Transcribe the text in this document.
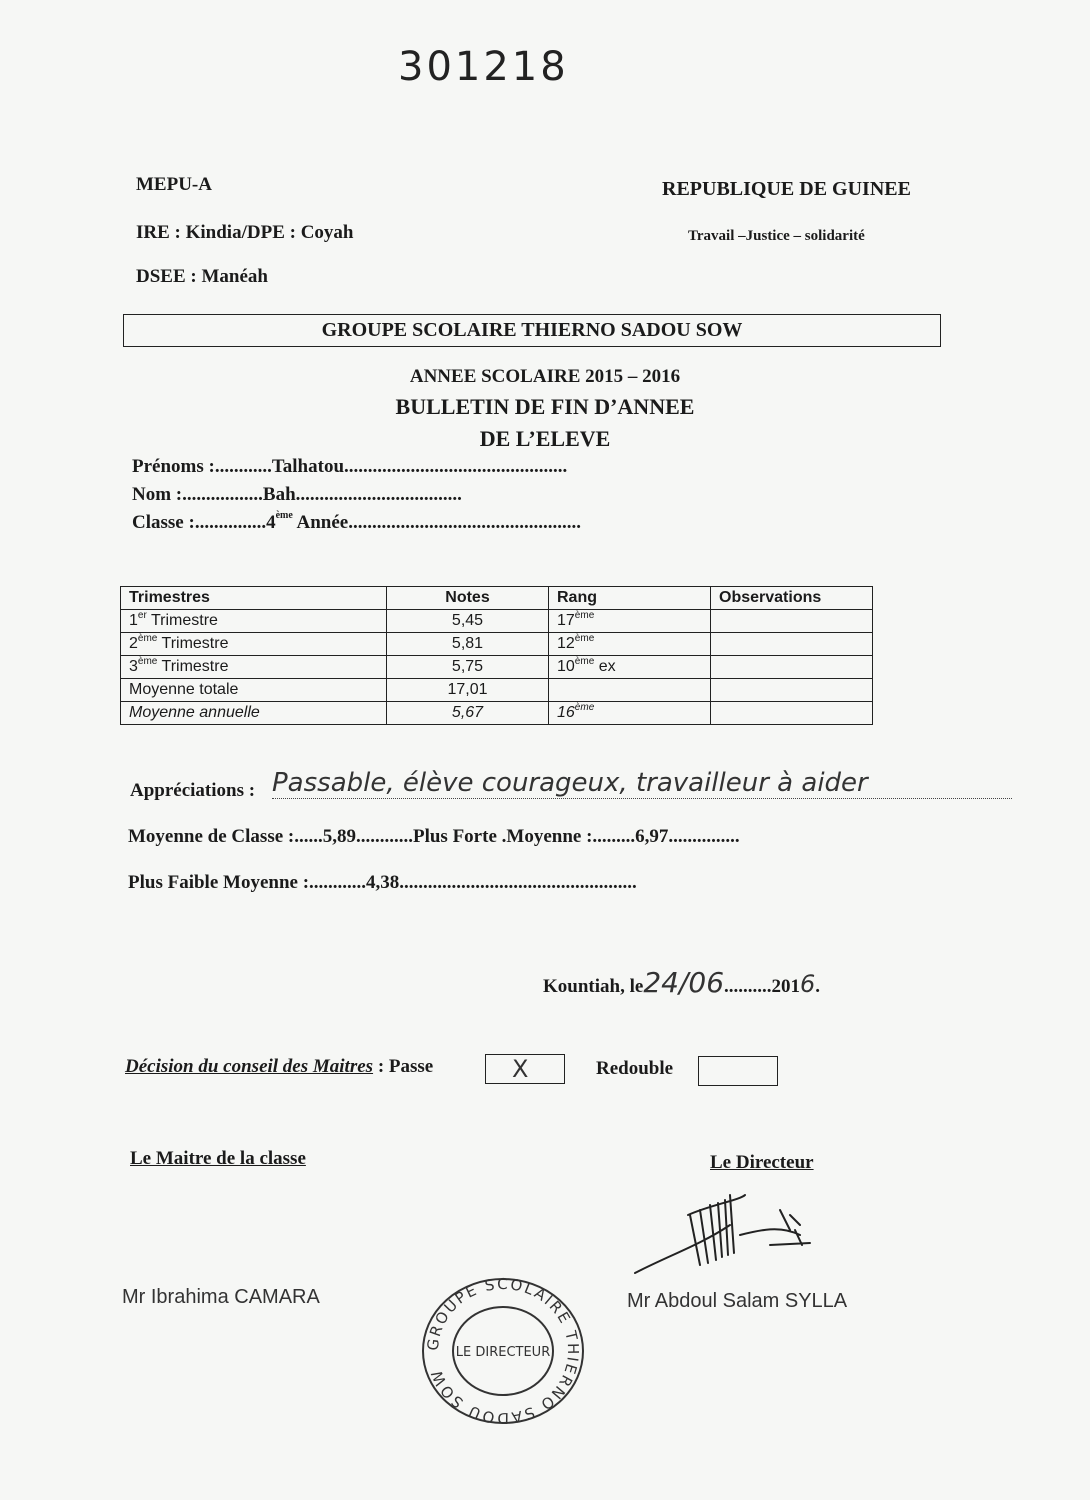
301218
MEPU-A
IRE : Kindia/DPE : Coyah
DSEE : Manéah
REPUBLIQUE DE GUINEE
Travail –Justice – solidarité
GROUPE SCOLAIRE THIERNO SADOU SOW
ANNEE SCOLAIRE 2015 – 2016
BULLETIN DE FIN D’ANNEE
DE L’ELEVE
Prénoms :............Talhatou...............................................
Nom :.................Bah...................................
Classe :...............4ème Année.................................................
Trimestres	Notes	Rang	Observations
1er Trimestre	5,45	17ème	
2ème Trimestre	5,81	12ème	
3ème Trimestre	5,75	10ème ex	
Moyenne totale	17,01		
Moyenne annuelle	5,67	16ème	
Appréciations : Passable, élève courageux, travailleur à aider
Moyenne de Classe :......5,89............Plus Forte .Moyenne :.........6,97...............
Plus Faible Moyenne :............4,38..................................................
Kountiah, le24/06..........2016.
Décision du conseil des Maitres : Passe	X	Redouble
Le Maitre de la classe	Le Directeur
Mr Ibrahima CAMARA	Mr Abdoul Salam SYLLA
GROUPE SCOLAIRE THIERNO SADOU SOW
LE DIRECTEUR
